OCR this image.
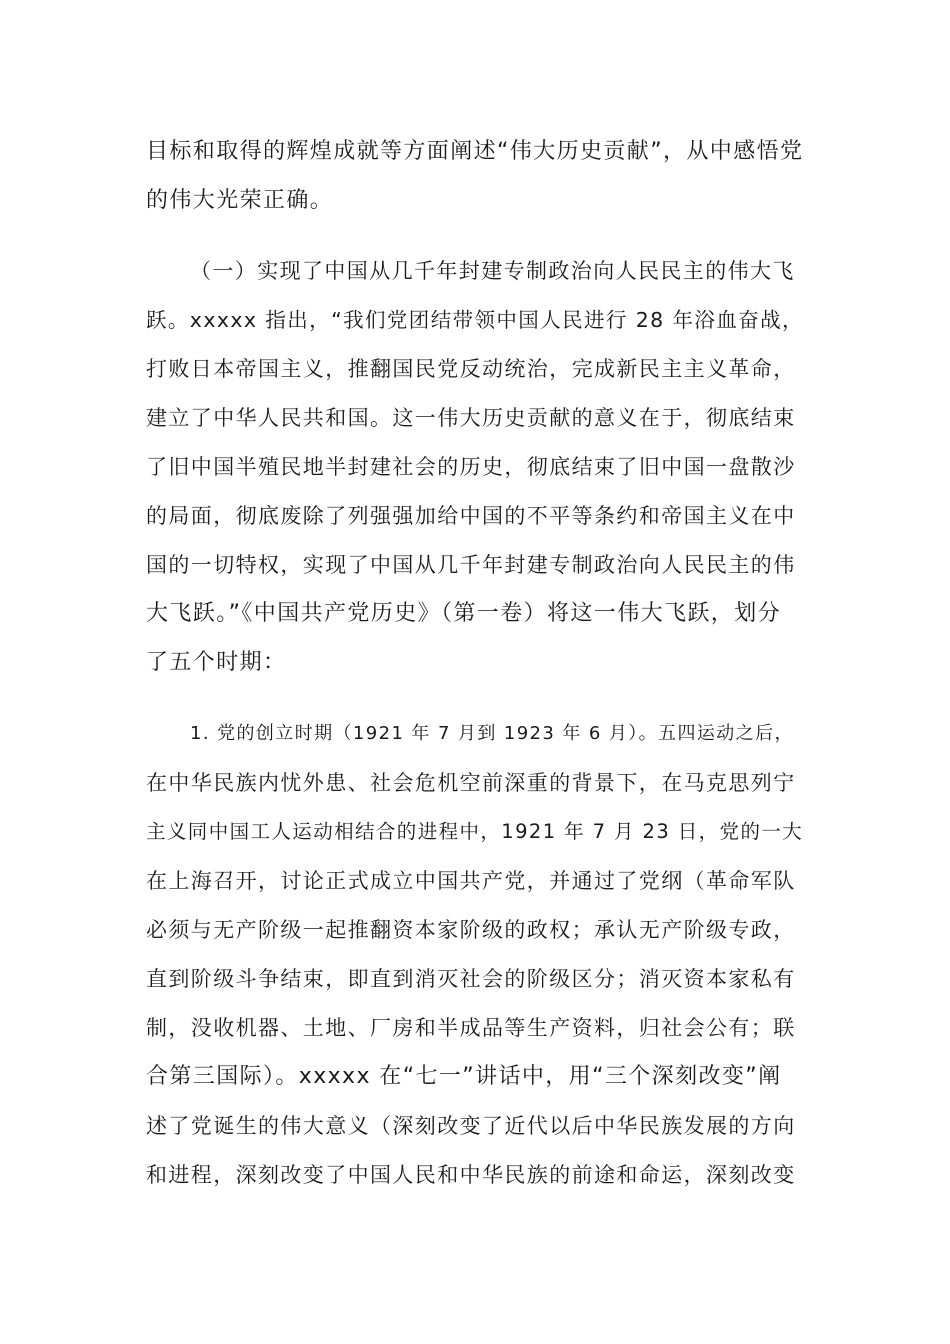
目标和取得的辉煌成就等方面阐述“伟大历史贡献”，从中感悟党
的伟大光荣正确。
（一）实现了中国从几千年封建专制政治向人民民主的伟大飞
跃。xxxxx 指出，“我们党团结带领中国人民进行 28 年浴血奋战，
打败日本帝国主义，推翻国民党反动统治，完成新民主主义革命，
建立了中华人民共和国。这一伟大历史贡献的意义在于，彻底结束
了旧中国半殖民地半封建社会的历史，彻底结束了旧中国一盘散沙
的局面，彻底废除了列强强加给中国的不平等条约和帝国主义在中
国的一切特权，实现了中国从几千年封建专制政治向人民民主的伟
大飞跃。”《中国共产党历史》（第一卷）将这一伟大飞跃，划分
了五个时期：
1. 党的创立时期（1921 年 7 月到 1923 年 6 月）。五四运动之后，
在中华民族内忧外患、社会危机空前深重的背景下，在马克思列宁
主义同中国工人运动相结合的进程中，1921 年 7 月 23 日，党的一大
在上海召开，讨论正式成立中国共产党，并通过了党纲（革命军队
必须与无产阶级一起推翻资本家阶级的政权；承认无产阶级专政，
直到阶级斗争结束，即直到消灭社会的阶级区分；消灭资本家私有
制，没收机器、土地、厂房和半成品等生产资料，归社会公有；联
合第三国际）。xxxxx 在“七一”讲话中，用“三个深刻改变”阐
述了党诞生的伟大意义（深刻改变了近代以后中华民族发展的方向
和进程，深刻改变了中国人民和中华民族的前途和命运，深刻改变
